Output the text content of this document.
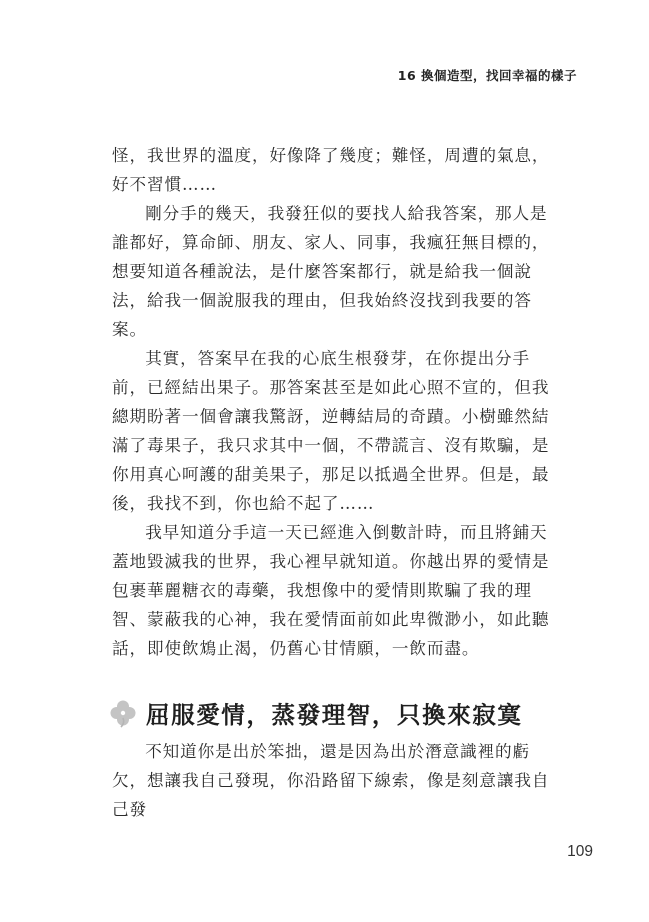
16 換個造型，找回幸福的樣子

怪，我世界的溫度，好像降了幾度；難怪，周遭的氣息，好不習慣……

剛分手的幾天，我發狂似的要找人給我答案，那人是誰都好，算命師、朋友、家人、同事，我瘋狂無目標的，想要知道各種說法，是什麼答案都行，就是給我一個說法，給我一個說服我的理由，但我始終沒找到我要的答案。

其實，答案早在我的心底生根發芽，在你提出分手前，已經結出果子。那答案甚至是如此心照不宣的，但我總期盼著一個會讓我驚訝，逆轉結局的奇蹟。小樹雖然結滿了毒果子，我只求其中一個，不帶謊言、沒有欺騙，是你用真心呵護的甜美果子，那足以抵過全世界。但是，最後，我找不到，你也給不起了……

我早知道分手這一天已經進入倒數計時，而且將鋪天蓋地毀滅我的世界，我心裡早就知道。你越出界的愛情是包裹華麗糖衣的毒藥，我想像中的愛情則欺騙了我的理智、蒙蔽我的心神，我在愛情面前如此卑微渺小，如此聽話，即使飲鴆止渴，仍舊心甘情願，一飲而盡。

屈服愛情，蒸發理智，只換來寂寞

不知道你是出於笨拙，還是因為出於潛意識裡的虧欠，想讓我自己發現，你沿路留下線索，像是刻意讓我自己發

109
